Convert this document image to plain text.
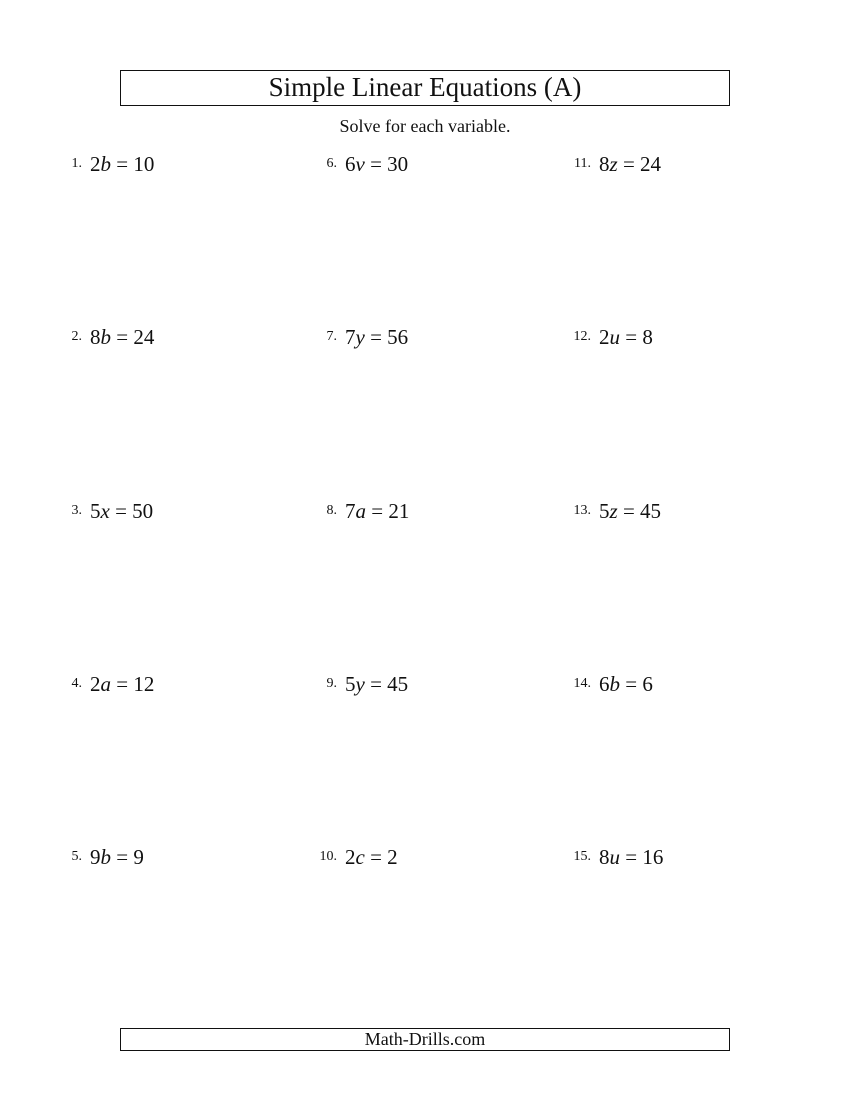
Simple Linear Equations (A)
Solve for each variable.
1. 2b = 10
2. 8b = 24
3. 5x = 50
4. 2a = 12
5. 9b = 9
6. 6v = 30
7. 7y = 56
8. 7a = 21
9. 5y = 45
10. 2c = 2
11. 8z = 24
12. 2u = 8
13. 5z = 45
14. 6b = 6
15. 8u = 16
Math-Drills.com
